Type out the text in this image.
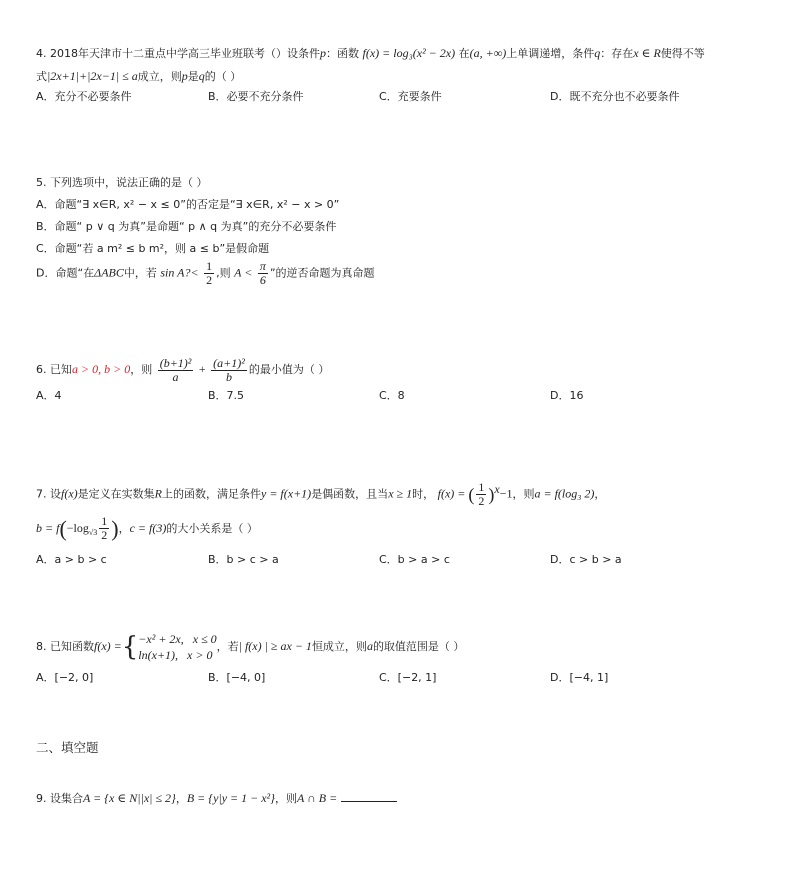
4. 2018年天津市十二重点中学高三毕业班联考（）设条件p：函数 f(x) = log₃(x² − 2x) 在(a, +∞)上单调递增，条件q：存在x ∈ R使得不等
式|2x+1|+|2x−1| ≤ a成立，则p是q的（ ）
A．充分不必要条件	B．必要不充分条件	C．充要条件	D．既不充分也不必要条件
5. 下列选项中，说法正确的是（ ）
A．命题“∃ x∈R, x² − x ≤ 0”的否定是“∃ x∈R, x² − x > 0”
B．命题“ p ∨ q 为真”是命题“ p ∧ q 为真”的充分不必要条件
C．命题“若 a m² ≤ b m²，则 a ≤ b”是假命题
D．命题“在ΔABC中，若 sin A?< $\frac{1}{2}$ ,则 $A < \frac{\pi}{6}$ ”的逆否命题为真命题
6. 已知a > 0, b > 0，则 $\frac{\text{(b+1)²}}{a} + \frac{\text{(a+1)²}}{b}$ 的最小值为（ ）
A．4	B．7.5	C．8	D．16
7. 设f(x)是定义在实数集R上的函数，满足条件y = f(x+1)是偶函数，且当x ≥ 1时， f(x) = ( $\frac{1}{2} )^x-1$，则a = f(log₃ 2)，
$b = f(-\log_{√3} \frac{1}{2}$ )，c = f(3)的大小关系是（ ）
A．a > b > c	B．b > c > a	C．b > a > c	D．c > b > a
8. 已知函数f(x) ={ −x² + 2x, x ≤ 0
ln(x+1), x > 0
，若| f(x) | ≥ ax − 1恒成立，则a的取值范围是（ ）
A．[−2, 0]	B．[−4, 0]	C．[−2, 1]	D．[−4, 1]
二、填空题
9. 设集合A = {x ∈ N||x| ≤ 2}，B = {y|y = 1 − x²}，则A ∩ B =
